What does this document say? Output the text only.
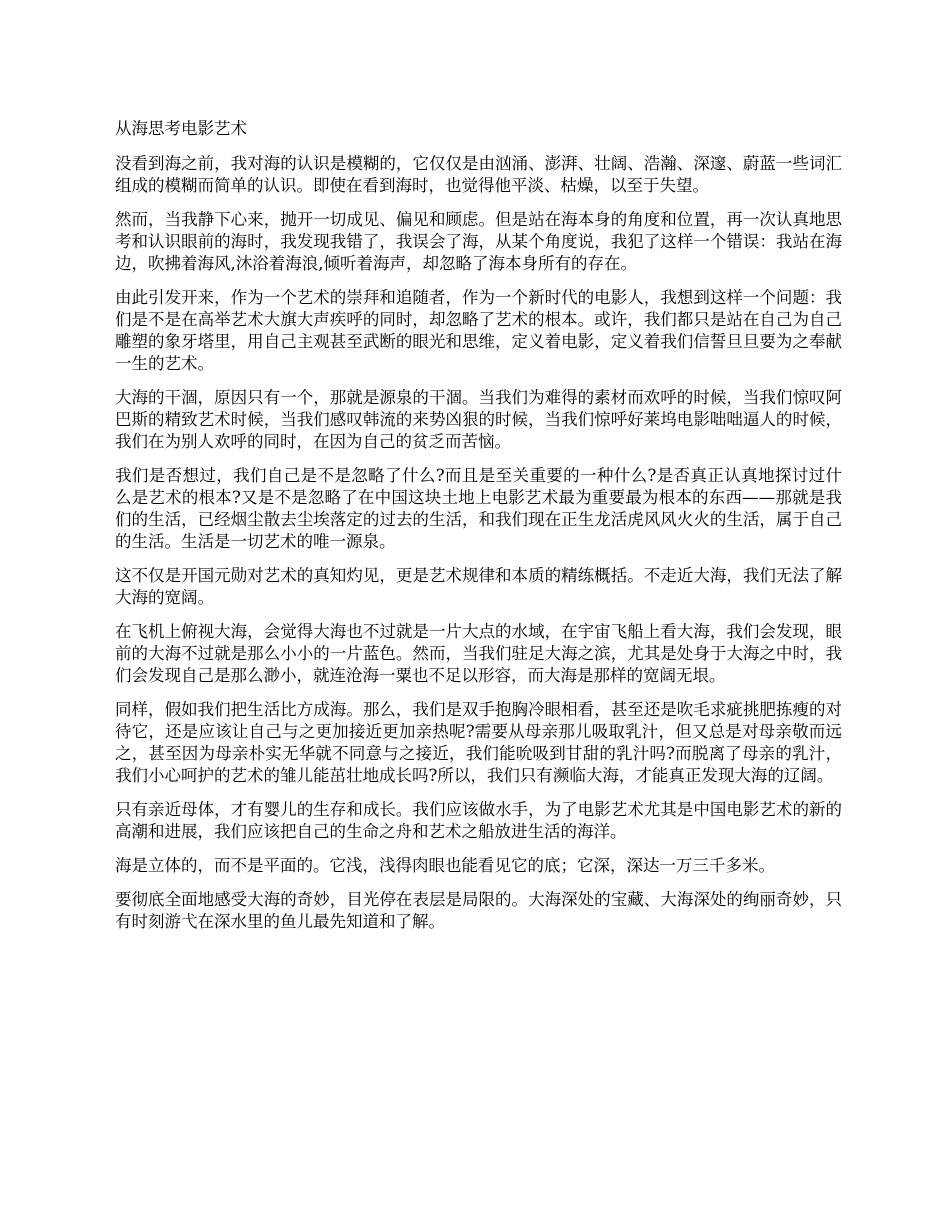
从海思考电影艺术

没看到海之前，我对海的认识是模糊的，它仅仅是由汹涌、澎湃、壮阔、浩瀚、深邃、蔚蓝一些词汇组成的模糊而简单的认识。即使在看到海时，也觉得他平淡、枯燥，以至于失望。

然而，当我静下心来，抛开一切成见、偏见和顾虑。但是站在海本身的角度和位置，再一次认真地思考和认识眼前的海时，我发现我错了，我误会了海，从某个角度说，我犯了这样一个错误：我站在海边，吹拂着海风,沐浴着海浪,倾听着海声，却忽略了海本身所有的存在。

由此引发开来，作为一个艺术的崇拜和追随者，作为一个新时代的电影人，我想到这样一个问题：我们是不是在高举艺术大旗大声疾呼的同时，却忽略了艺术的根本。或许，我们都只是站在自己为自己雕塑的象牙塔里，用自己主观甚至武断的眼光和思维，定义着电影，定义着我们信誓旦旦要为之奉献一生的艺术。

大海的干涸，原因只有一个，那就是源泉的干涸。当我们为难得的素材而欢呼的时候，当我们惊叹阿巴斯的精致艺术时候，当我们感叹韩流的来势凶狠的时候，当我们惊呼好莱坞电影咄咄逼人的时候，我们在为别人欢呼的同时，在因为自己的贫乏而苦恼。

我们是否想过，我们自己是不是忽略了什么?而且是至关重要的一种什么?是否真正认真地探讨过什么是艺术的根本?又是不是忽略了在中国这块土地上电影艺术最为重要最为根本的东西——那就是我们的生活，已经烟尘散去尘埃落定的过去的生活，和我们现在正生龙活虎风风火火的生活，属于自己的生活。生活是一切艺术的唯一源泉。

这不仅是开国元勋对艺术的真知灼见，更是艺术规律和本质的精练概括。不走近大海，我们无法了解大海的宽阔。

在飞机上俯视大海，会觉得大海也不过就是一片大点的水域，在宇宙飞船上看大海，我们会发现，眼前的大海不过就是那么小小的一片蓝色。然而，当我们驻足大海之滨，尤其是处身于大海之中时，我们会发现自己是那么渺小，就连沧海一粟也不足以形容，而大海是那样的宽阔无垠。

同样，假如我们把生活比方成海。那么，我们是双手抱胸冷眼相看，甚至还是吹毛求疵挑肥拣瘦的对待它，还是应该让自己与之更加接近更加亲热呢?需要从母亲那儿吸取乳汁，但又总是对母亲敬而远之，甚至因为母亲朴实无华就不同意与之接近，我们能吮吸到甘甜的乳汁吗?而脱离了母亲的乳汁，我们小心呵护的艺术的雏儿能茁壮地成长吗?所以，我们只有濒临大海，才能真正发现大海的辽阔。

只有亲近母体，才有婴儿的生存和成长。我们应该做水手，为了电影艺术尤其是中国电影艺术的新的高潮和进展，我们应该把自己的生命之舟和艺术之船放进生活的海洋。

海是立体的，而不是平面的。它浅，浅得肉眼也能看见它的底；它深，深达一万三千多米。

要彻底全面地感受大海的奇妙，目光停在表层是局限的。大海深处的宝藏、大海深处的绚丽奇妙，只有时刻游弋在深水里的鱼儿最先知道和了解。
